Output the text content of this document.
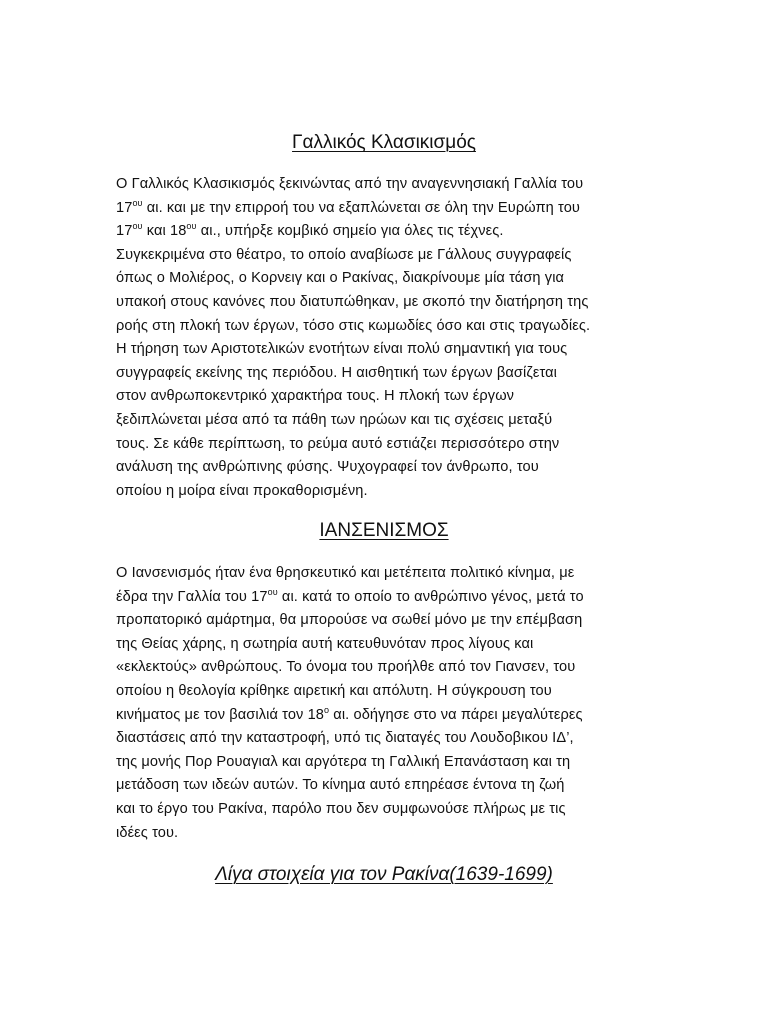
Γαλλικός Κλασικισμός

Ο Γαλλικός Κλασικισμός ξεκινώντας από την αναγεννησιακή Γαλλία του
$17^{o\upsilon}$ αι. και με την επιρροή του να εξαπλώνεται σε όλη την Ευρώπη του
$17^{o\upsilon}$ και $18^{o\upsilon}$ αι., υπήρξε κομβικό σημείο για όλες τις τέχνες.
Συγκεκριμένα στο θέατρο, το οποίο αναβίωσε με Γάλλους συγγραφείς
όπως ο Μολιέρος, ο Κορνειγ και ο Ρακίνας, διακρίνουμε μία τάση για
υπακοή στους κανόνες που διατυπώθηκαν, με σκοπό την διατήρηση της
ροής στη πλοκή των έργων, τόσο στις κωμωδίες όσο και στις τραγωδίες.
Η τήρηση των Αριστοτελικών ενοτήτων είναι πολύ σημαντική για τους
συγγραφείς εκείνης της περιόδου. Η αισθητική των έργων βασίζεται
στον ανθρωποκεντρικό χαρακτήρα τους. Η πλοκή των έργων
ξεδιπλώνεται μέσα από τα πάθη των ηρώων και τις σχέσεις μεταξύ
τους. Σε κάθε περίπτωση, το ρεύμα αυτό εστιάζει περισσότερο στην
ανάλυση της ανθρώπινης φύσης. Ψυχογραφεί τον άνθρωπο, του
οποίου η μοίρα είναι προκαθορισμένη.

ΙΑΝΣΕΝΙΣΜΟΣ

Ο Ιανσενισμός ήταν ένα θρησκευτικό και μετέπειτα πολιτικό κίνημα, με
έδρα την Γαλλία του $17^{o\upsilon}$ αι. κατά το οποίο το ανθρώπινο γένος, μετά το
προπατορικό αμάρτημα, θα μπορούσε να σωθεί μόνο με την επέμβαση
της Θείας χάρης, η σωτηρία αυτή κατευθυνόταν προς λίγους και
«εκλεκτούς» ανθρώπους. Το όνομα του προήλθε από τον Γιανσεν, του
οποίου η θεολογία κρίθηκε αιρετική και απόλυτη. Η σύγκρουση του
κινήματος με τον βασιλιά τον $18^o$ αι. οδήγησε στο να πάρει μεγαλύτερες
διαστάσεις από την καταστροφή, υπό τις διαταγές του Λουδοβικου ΙΔ’,
της μονής Πορ Ρουαγιαλ και αργότερα τη Γαλλική Επανάσταση και τη
μετάδοση των ιδεών αυτών. Το κίνημα αυτό επηρέασε έντονα τη ζωή
και το έργο του Ρακίνα, παρόλο που δεν συμφωνούσε πλήρως με τις
ιδέες του.

Λίγα στοιχεία για τον Ρακίνα(1639-1699)
